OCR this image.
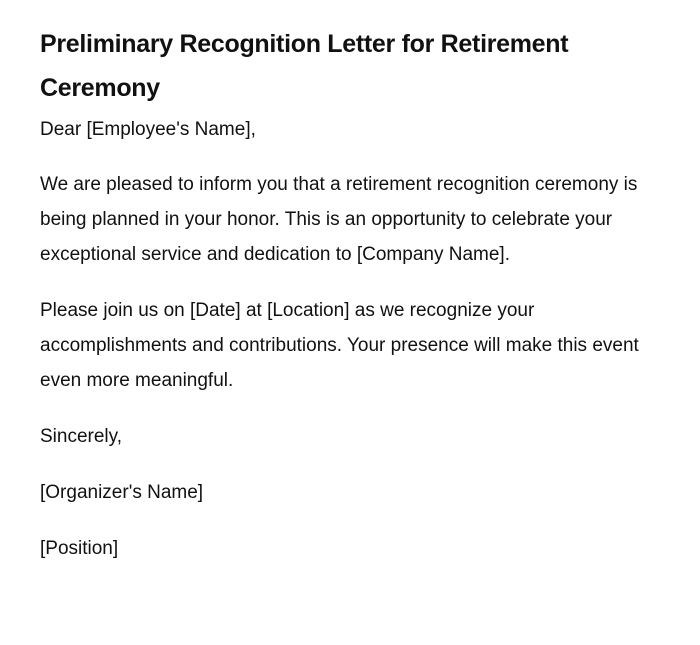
Preliminary Recognition Letter for Retirement Ceremony

Dear [Employee's Name],

We are pleased to inform you that a retirement recognition ceremony is being planned in your honor. This is an opportunity to celebrate your exceptional service and dedication to [Company Name].

Please join us on [Date] at [Location] as we recognize your accomplishments and contributions. Your presence will make this event even more meaningful.

Sincerely,

[Organizer's Name]

[Position]
